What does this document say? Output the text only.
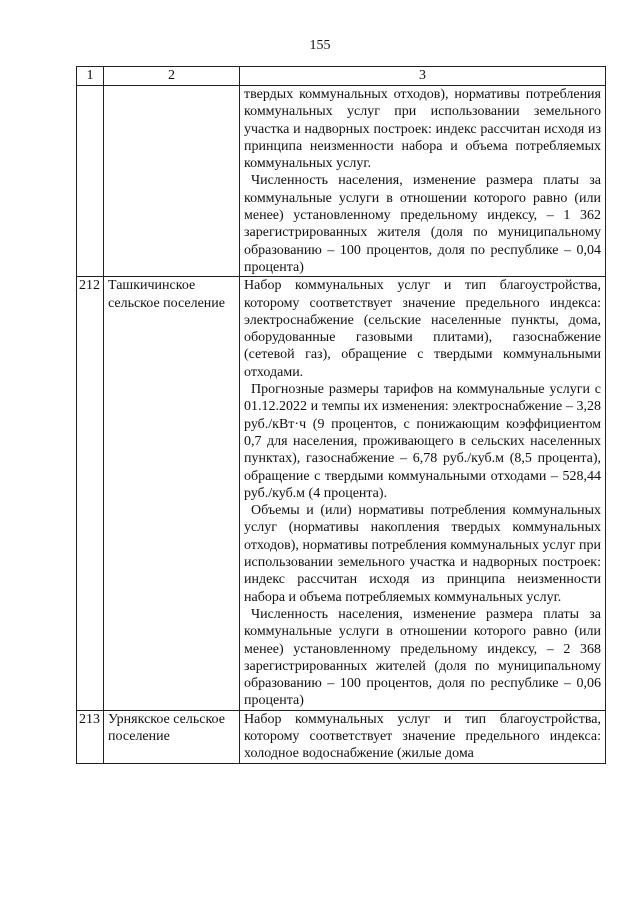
155
1	2	3

		твердых коммунальных отходов), нормативы потребления коммунальных услуг при использовании земельного участка и надворных построек: индекс рассчитан исходя из принципа неизменности набора и объема потребляемых коммунальных услуг.

Численность населения, изменение размера платы за коммунальные услуги в отношении которого равно (или менее) установленному предельному индексу, – 1 362 зарегистрированных жителя (доля по муниципальному образованию – 100 процентов, доля по республике – 0,04 процента)

212	Ташкичинское сельское поселение	Набор коммунальных услуг и тип благоустройства, которому соответствует значение предельного индекса: электроснабжение (сельские населенные пункты, дома, оборудованные газовыми плитами), газоснабжение (сетевой газ), обращение с твердыми коммунальными отходами.

Прогнозные размеры тарифов на коммунальные услуги с 01.12.2022 и темпы их изменения: электроснабжение – 3,28 руб./кВт·ч (9 процентов, с понижающим коэффициентом 0,7 для населения, проживающего в сельских населенных пунктах), газоснабжение – 6,78 руб./куб.м (8,5 процента), обращение с твердыми коммунальными отходами – 528,44 руб./куб.м (4 процента).

Объемы и (или) нормативы потребления коммунальных услуг (нормативы накопления твердых коммунальных отходов), нормативы потребления коммунальных услуг при использовании земельного участка и надворных построек: индекс рассчитан исходя из принципа неизменности набора и объема потребляемых коммунальных услуг.

Численность населения, изменение размера платы за коммунальные услуги в отношении которого равно (или менее) установленному предельному индексу, – 2 368 зарегистрированных жителей (доля по муниципальному образованию – 100 процентов, доля по республике – 0,06 процента)

213	Урнякское сельское поселение	Набор коммунальных услуг и тип благоустройства, которому соответствует значение предельного индекса: холодное водоснабжение (жилые дома
